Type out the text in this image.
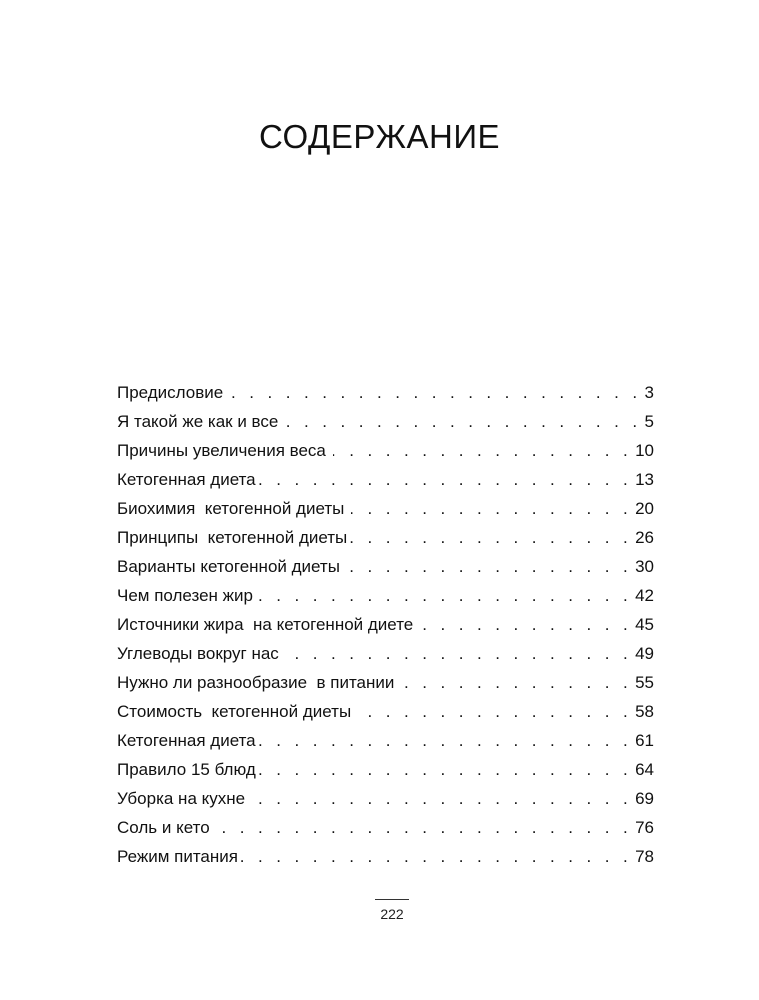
СОДЕРЖАНИЕ
Предисловие . . .	3
Я такой же как и все . . .	5
Причины увеличения веса . . .	10
Кетогенная диета . . .	13
Биохимия  кетогенной диеты . . .	20
Принципы  кетогенной диеты . . .	26
Варианты кетогенной диеты . . .	30
Чем полезен жир . . .	42
Источники жира  на кетогенной диете . . .	45
Углеводы вокруг нас . . .	49
Нужно ли разнообразие  в питании . . .	55
Стоимость  кетогенной диеты . . .	58
Кетогенная диета . . .	61
Правило 15 блюд . . .	64
Уборка на кухне . . .	69
Соль и кето . . .	76
Режим питания . . .	78
222
